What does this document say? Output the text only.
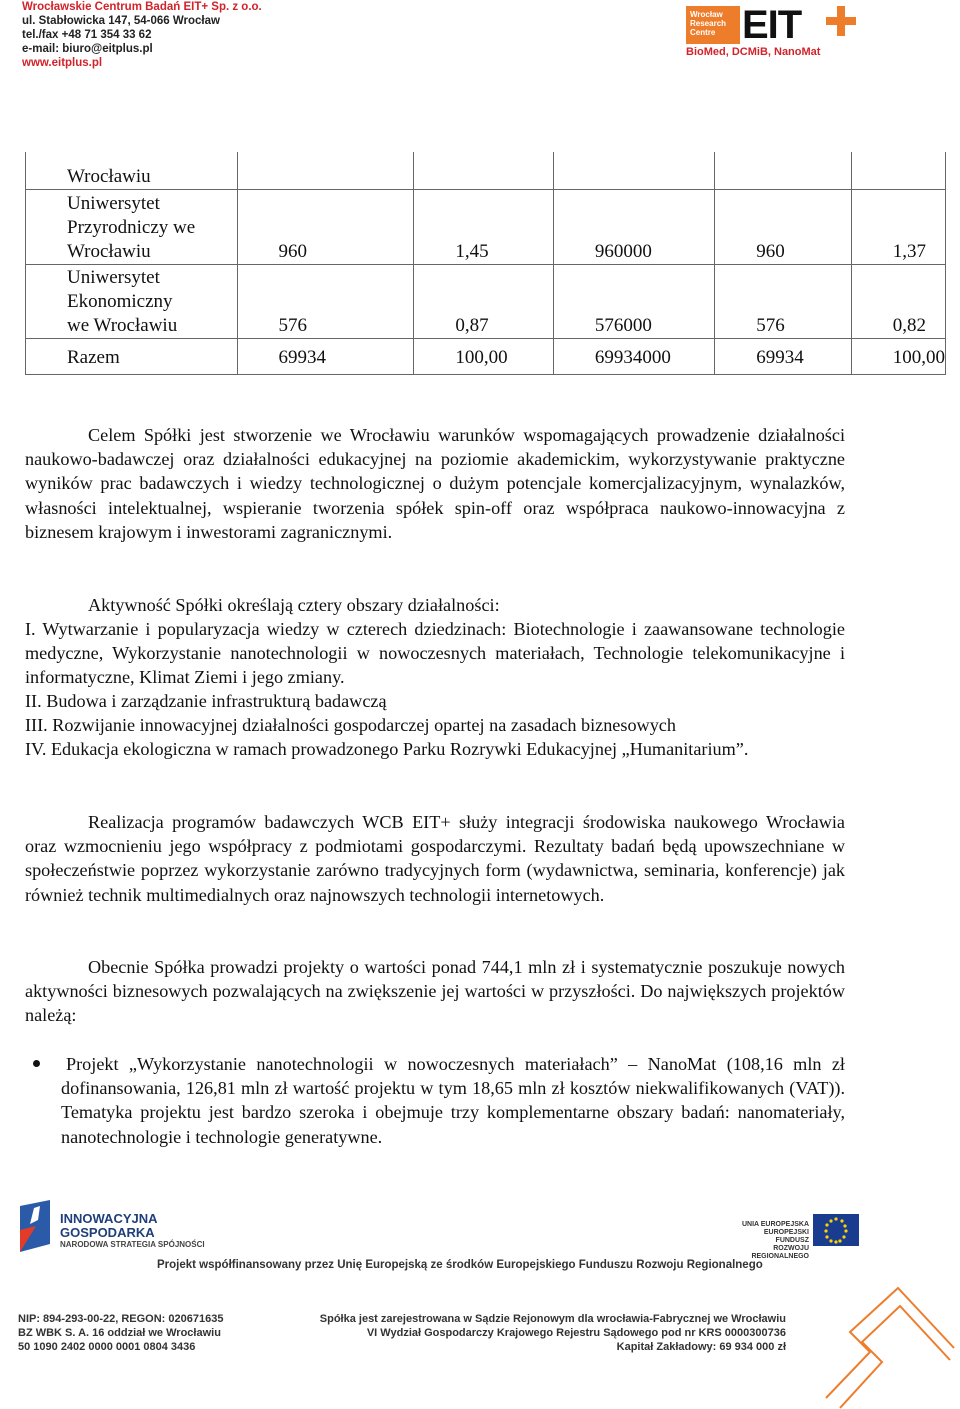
Wrocławskie Centrum Badań EIT+ Sp. z o.o.
ul. Stabłowicka 147, 54-066 Wrocław
tel./fax +48 71 354 33 62
e-mail: biuro@eitplus.pl
www.eitplus.pl
Wrocław Research Centre EIT
BioMed, DCMiB, NanoMat
Wrocławiu					

Uniwersytet Przyrodniczy we Wrocławiu	960	1,45	960000	960	1,37

Uniwersytet Ekonomiczny we Wrocławiu	576	0,87	576000	576	0,82

Razem	69934	100,00	69934000	69934	100,00
Celem Spółki jest stworzenie we Wrocławiu warunków wspomagających prowadzenie działalności naukowo-badawczej oraz działalności edukacyjnej na poziomie akademickim, wykorzystywanie praktyczne wyników prac badawczych i wiedzy technologicznej o dużym potencjale komercjalizacyjnym, wynalazków, własności intelektualnej, wspieranie tworzenia spółek spin-off oraz współpraca naukowo-innowacyjna z biznesem krajowym i inwestorami zagranicznymi.
Aktywność Spółki określają cztery obszary działalności:
I. Wytwarzanie i popularyzacja wiedzy w czterech dziedzinach: Biotechnologie i zaawansowane technologie medyczne, Wykorzystanie nanotechnologii w nowoczesnych materiałach, Technologie telekomunikacyjne i informatyczne, Klimat Ziemi i jego zmiany.
II. Budowa i zarządzanie infrastrukturą badawczą
III. Rozwijanie innowacyjnej działalności gospodarczej opartej na zasadach biznesowych
IV. Edukacja ekologiczna w ramach prowadzonego Parku Rozrywki Edukacyjnej „Humanitarium”.
Realizacja programów badawczych WCB EIT+ służy integracji środowiska naukowego Wrocławia oraz wzmocnieniu jego współpracy z podmiotami gospodarczymi. Rezultaty badań będą upowszechniane w społeczeństwie poprzez wykorzystanie zarówno tradycyjnych form (wydawnictwa, seminaria, konferencje) jak również technik multimedialnych oraz najnowszych technologii internetowych.
Obecnie Spółka prowadzi projekty o wartości ponad 744,1 mln zł i systematycznie poszukuje nowych aktywności biznesowych pozwalających na zwiększenie jej wartości w przyszłości. Do największych projektów należą:
Projekt „Wykorzystanie nanotechnologii w nowoczesnych materiałach” – NanoMat (108,16 mln zł dofinansowania, 126,81 mln zł wartość projektu w tym 18,65 mln zł kosztów niekwalifikowanych (VAT)). Tematyka projektu jest bardzo szeroka i obejmuje trzy komplementarne obszary badań: nanomateriały, nanotechnologie i technologie generatywne.
INNOWACYJNA
GOSPODARKA
NARODOWA STRATEGIA SPÓJNOŚCI
UNIA EUROPEJSKA
EUROPEJSKI FUNDUSZ
ROZWOJU REGIONALNEGO
Projekt współfinansowany przez Unię Europejską ze środków Europejskiego Funduszu Rozwoju Regionalnego
NIP: 894-293-00-22, REGON: 020671635
BZ WBK S. A. 16 oddział we Wrocławiu
50 1090 2402 0000 0001 0804 3436
Spółka jest zarejestrowana w Sądzie Rejonowym dla wrocławia-Fabrycznej we Wrocławiu
VI Wydział Gospodarczy Krajowego Rejestru Sądowego pod nr KRS 0000300736
Kapitał Zakładowy: 69 934 000 zł
